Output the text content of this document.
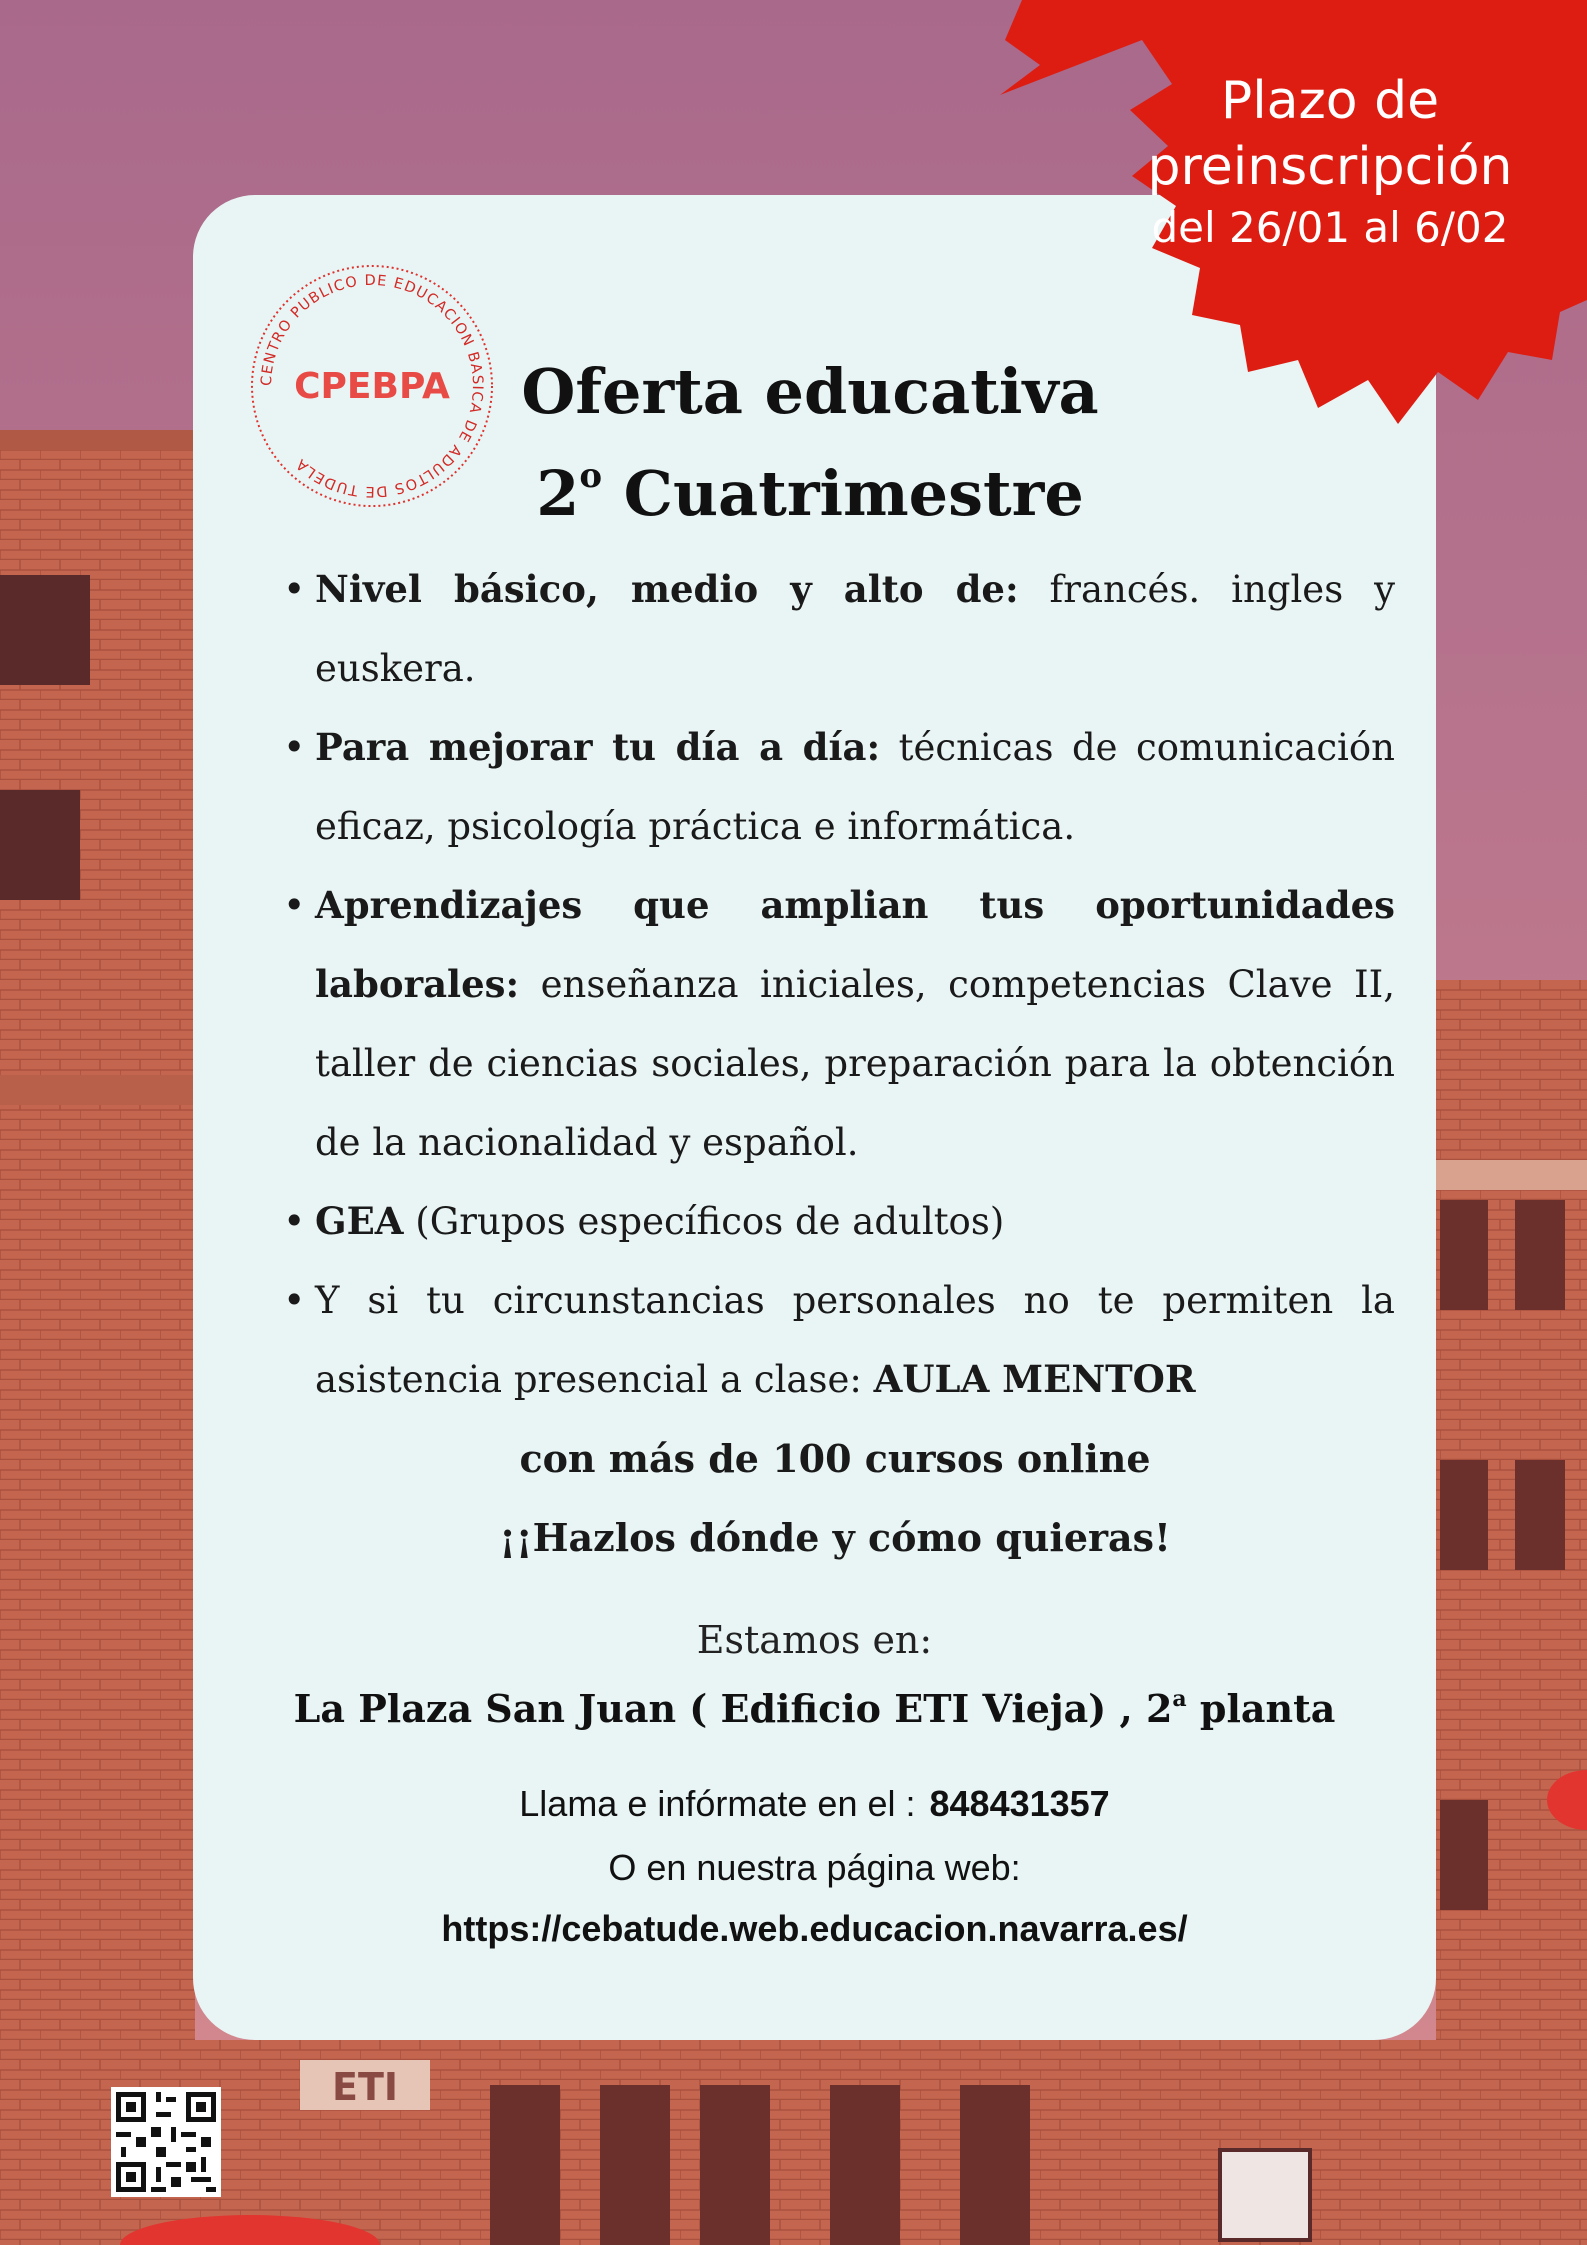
ETI
CENTRO PUBLICO DE EDUCACION BASICA DE ADULTOS DE TUDELA
CPEBPA	Oferta educativa
2$^o$ Cuatrimestre
• Nivel básico, medio y alto de: francés. ingles y euskera.
• Para mejorar tu día a día: técnicas de comunicación eficaz, psicología práctica e informática.
• Aprendizajes que amplian tus oportunidades laborales: enseñanza iniciales, competencias Clave II, taller de ciencias sociales, preparación para la obtención de la nacionalidad y español.
• GEA (Grupos específicos de adultos)
• Y si tu circunstancias personales no te permiten la asistencia presencial a clase: AULA MENTOR

con más de 100 cursos online

¡¡Hazlos dónde y cómo quieras!

Estamos en:
La Plaza San Juan ( Edificio ETI Vieja) , 2$^a$ planta
Llama e infórmate en el : 848431357
O en nuestra página web:
https://cebatude.web.educacion.navarra.es/
Plazo de
preinscripción
del 26/01 al 6/02
